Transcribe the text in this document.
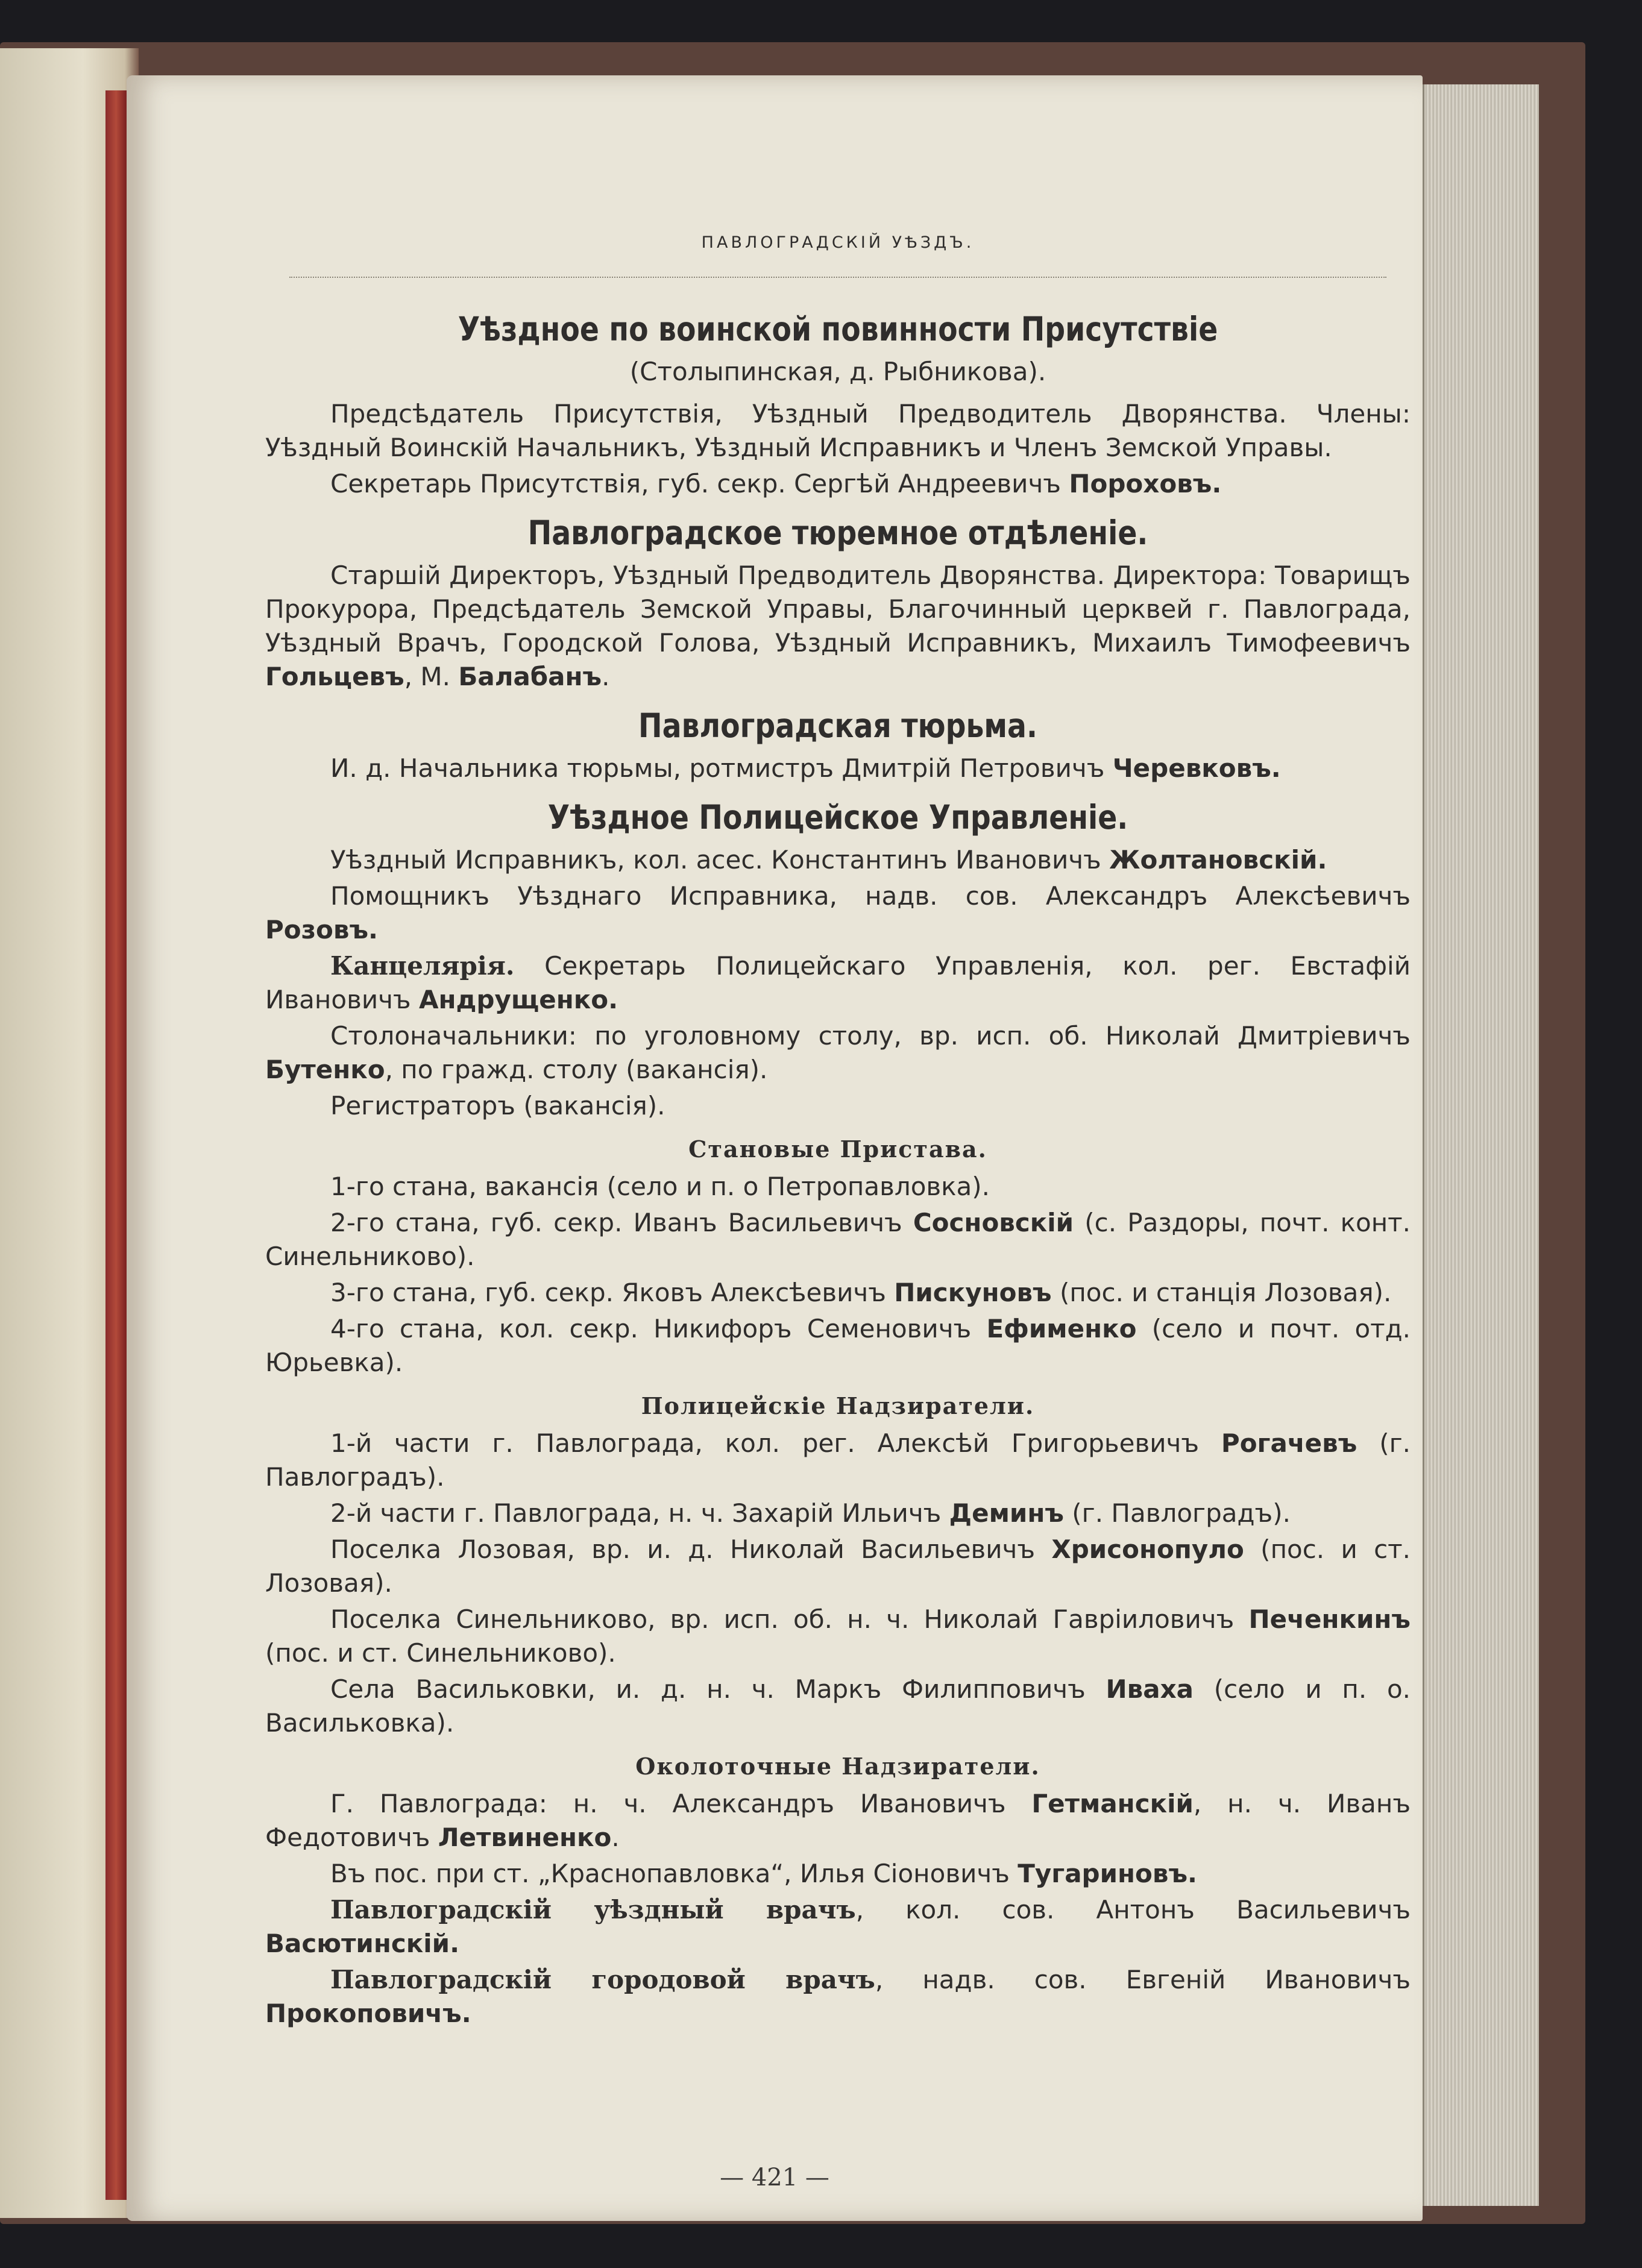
ПАВЛОГРАДСКІЙ УѢЗДЪ.
Уѣздное по воинской повинности Присутствіе
(Столыпинская, д. Рыбникова).

Предсѣдатель Присутствія, Уѣздный Предводитель Дворянства. Члены: Уѣздный Воинскій Начальникъ, Уѣздный Исправникъ и Членъ Земской Управы.

Секретарь Присутствія, губ. секр. Сергѣй Андреевичъ Пороховъ.

Павлоградское тюремное отдѣленіе.

Старшій Директоръ, Уѣздный Предводитель Дворянства. Директора: Товарищъ Прокурора, Предсѣдатель Земской Управы, Благочинный церквей г. Павлограда, Уѣздный Врачъ, Городской Голова, Уѣздный Исправникъ, Михаилъ Тимофеевичъ Гольцевъ, М. Балабанъ.

Павлоградская тюрьма.

И. д. Начальника тюрьмы, ротмистръ Дмитрій Петровичъ Черевковъ.

Уѣздное Полицейское Управленіе.

Уѣздный Исправникъ, кол. асес. Константинъ Ивановичъ Жолтановскій.

Помощникъ Уѣзднаго Исправника, надв. сов. Александръ Алексѣевичъ Розовъ.

Канцелярія. Секретарь Полицейскаго Управленія, кол. рег. Евстафій Ивановичъ Андрущенко.

Столоначальники: по уголовному столу, вр. исп. об. Николай Дмитріевичъ Бутенко, по гражд. столу (вакансія).

Регистраторъ (вакансія).

Становые Пристава.

1-го стана, вакансія (село и п. о Петропавловка).

2-го стана, губ. секр. Иванъ Васильевичъ Сосновскій (с. Раздоры, почт. конт. Синельниково).

3-го стана, губ. секр. Яковъ Алексѣевичъ Пискуновъ (пос. и станція Лозовая).

4-го стана, кол. секр. Никифоръ Семеновичъ Ефименко (село и почт. отд. Юрьевка).

Полицейскіе Надзиратели.

1-й части г. Павлограда, кол. рег. Алексѣй Григорьевичъ Рогачевъ (г. Павлоградъ).

2-й части г. Павлограда, н. ч. Захарій Ильичъ Деминъ (г. Павлоградъ).

Поселка Лозовая, вр. и. д. Николай Васильевичъ Хрисонопуло (пос. и ст. Лозовая).

Поселка Синельниково, вр. исп. об. н. ч. Николай Гавріиловичъ Печенкинъ (пос. и ст. Синельниково).

Села Васильковки, и. д. н. ч. Маркъ Филипповичъ Иваха (село и п. о. Васильковка).

Околоточные Надзиратели.

Г. Павлограда: н. ч. Александръ Ивановичъ Гетманскій, н. ч. Иванъ Федотовичъ Летвиненко.

Въ пос. при ст. „Краснопавловка“, Илья Сіоновичъ Тугариновъ.

Павлоградскій уѣздный врачъ, кол. сов. Антонъ Васильевичъ Васютинскій.

Павлоградскій городовой врачъ, надв. сов. Евгеній Ивановичъ Прокоповичъ.

— 421 —
